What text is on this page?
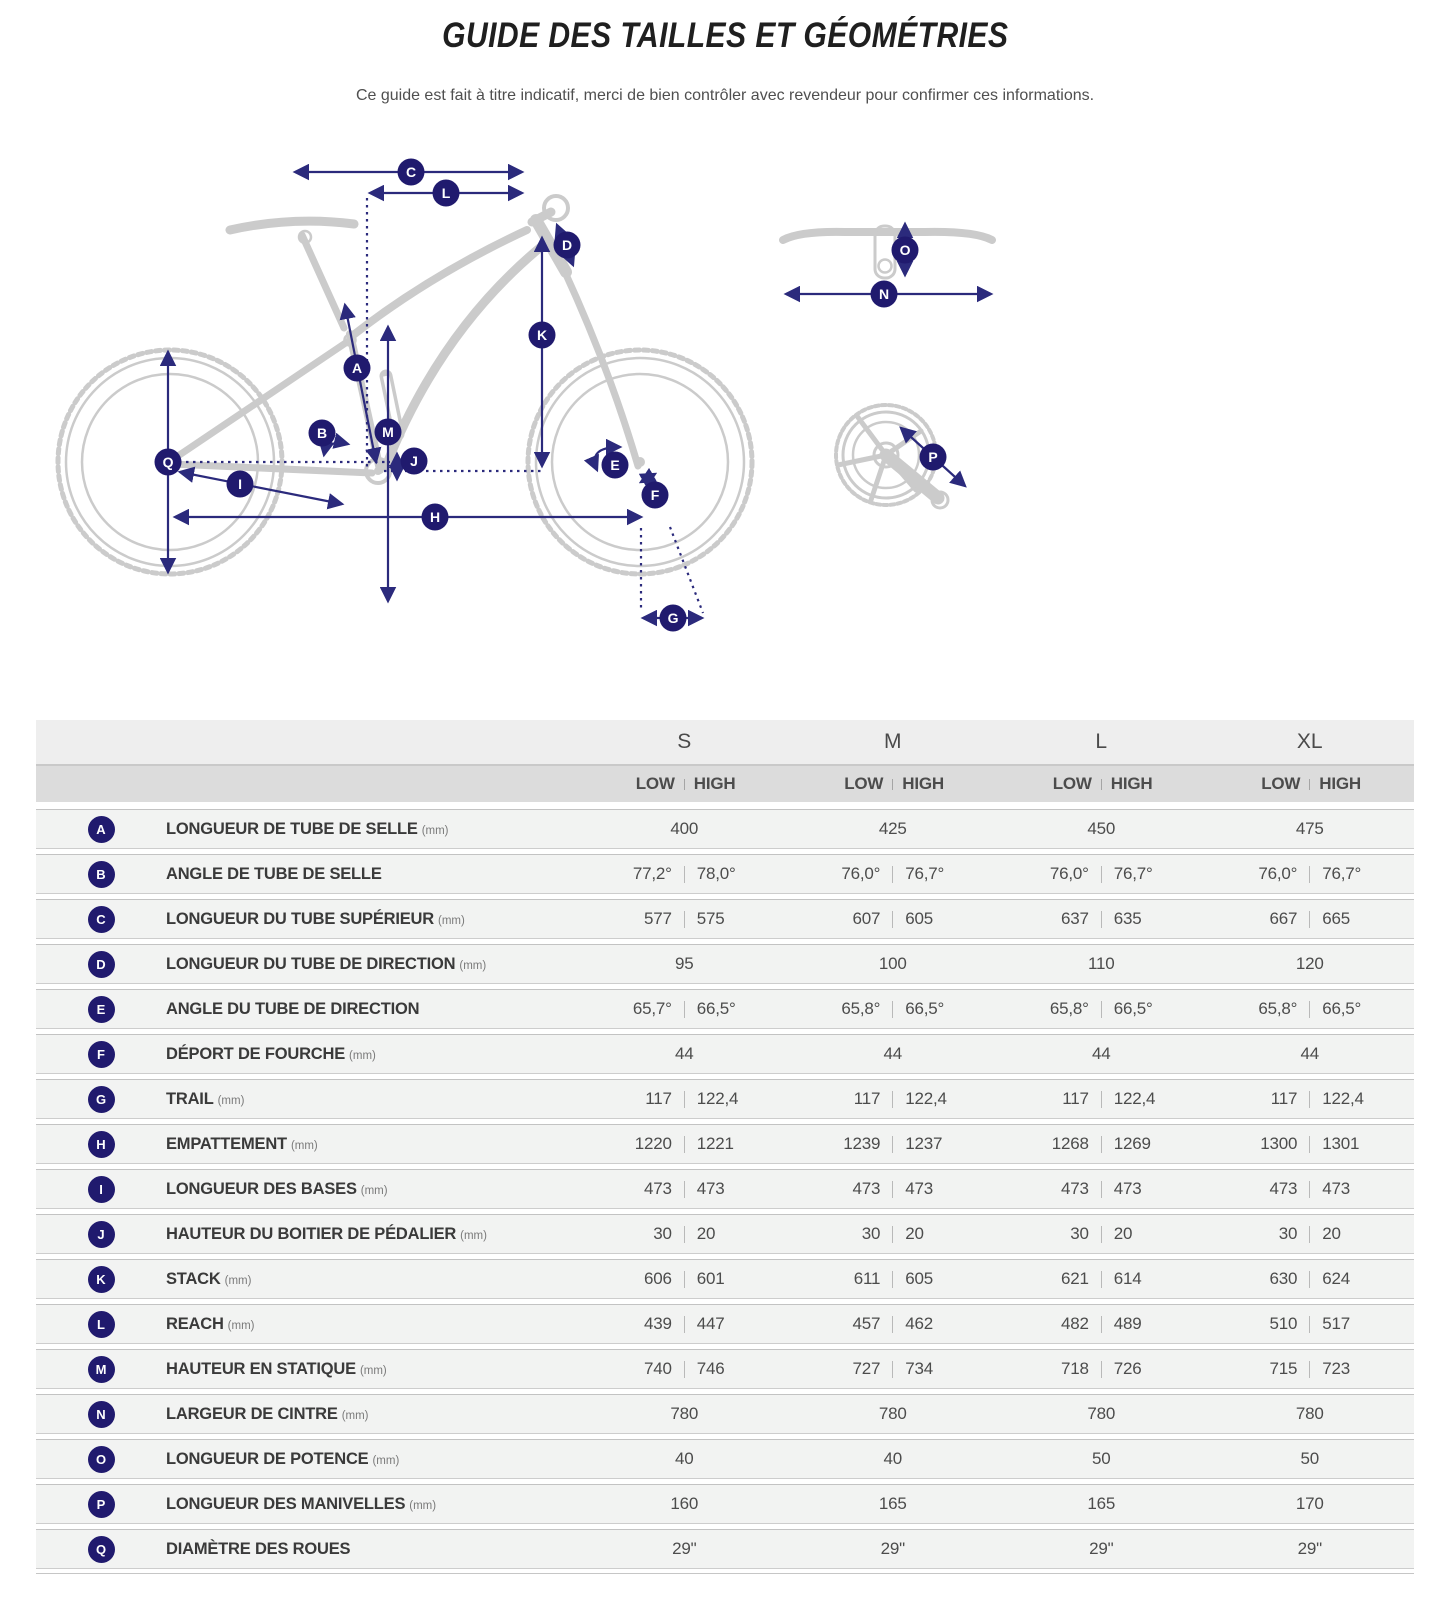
GUIDE DES TAILLES ET GÉOMÉTRIES
Ce guide est fait à titre indicatif, merci de bien contrôler avec revendeur pour confirmer ces informations.
A
B
C
D
E
F
G
H
I
J
K
L
M
N
O
P
Q
S	M	L	XL
LOW	HIGH	LOW	HIGH	LOW	HIGH	LOW	HIGH
A	LONGUEUR DE TUBE DE SELLE (mm)	400	425	450	475
B	ANGLE DE TUBE DE SELLE	77,2°	78,0°	76,0°	76,7°	76,0°	76,7°	76,0°	76,7°
C	LONGUEUR DU TUBE SUPÉRIEUR (mm)	577	575	607	605	637	635	667	665
D	LONGUEUR DU TUBE DE DIRECTION (mm)	95	100	110	120
E	ANGLE DU TUBE DE DIRECTION	65,7°	66,5°	65,8°	66,5°	65,8°	66,5°	65,8°	66,5°
F	DÉPORT DE FOURCHE (mm)	44	44	44	44
G	TRAIL (mm)	117	122,4	117	122,4	117	122,4	117	122,4
H	EMPATTEMENT (mm)	1220	1221	1239	1237	1268	1269	1300	1301
I	LONGUEUR DES BASES (mm)	473	473	473	473	473	473	473	473
J	HAUTEUR DU BOITIER DE PÉDALIER (mm)	30	20	30	20	30	20	30	20
K	STACK (mm)	606	601	611	605	621	614	630	624
L	REACH (mm)	439	447	457	462	482	489	510	517
M	HAUTEUR EN STATIQUE (mm)	740	746	727	734	718	726	715	723
N	LARGEUR DE CINTRE (mm)	780	780	780	780
O	LONGUEUR DE POTENCE (mm)	40	40	50	50
P	LONGUEUR DES MANIVELLES (mm)	160	165	165	170
Q	DIAMÈTRE DES ROUES	29"	29"	29"	29"
